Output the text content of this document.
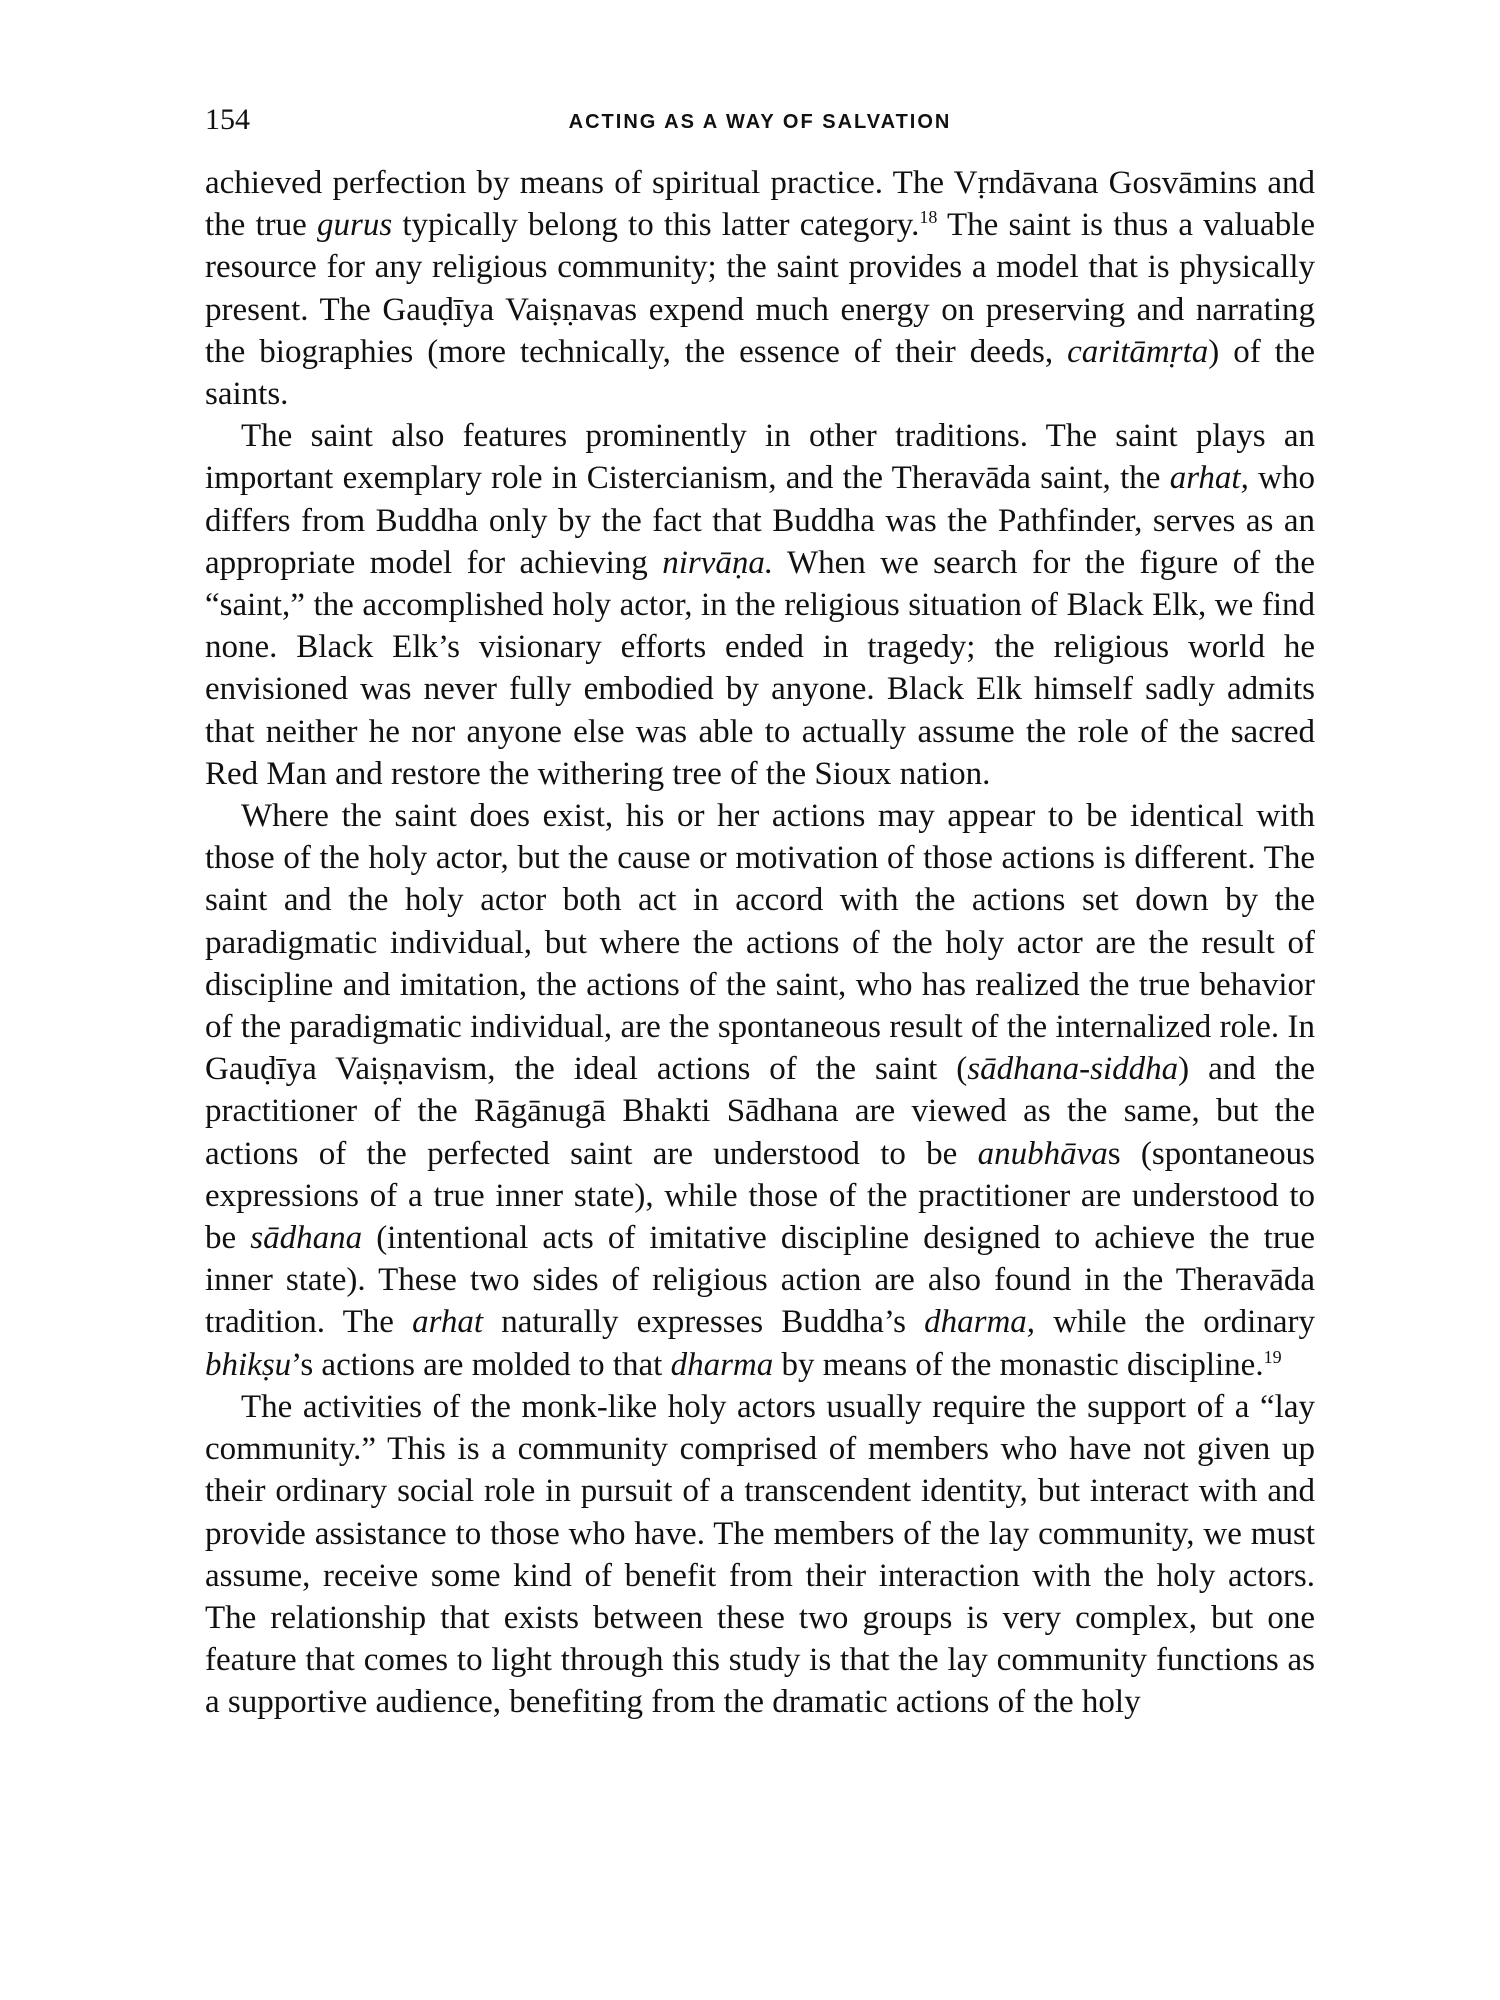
154	ACTING AS A WAY OF SALVATION

achieved perfection by means of spiritual practice. The Vṛndāvana Gosvāmins and the true gurus typically belong to this latter category.$^{18}$ The saint is thus a valuable resource for any religious community; the saint provides a model that is physically present. The Gauḍīya Vaiṣṇavas expend much energy on preserving and narrating the biographies (more technically, the essence of their deeds, caritāmṛta) of the saints.

The saint also features prominently in other traditions. The saint plays an important exemplary role in Cistercianism, and the Theravāda saint, the arhat, who differs from Buddha only by the fact that Buddha was the Pathfinder, serves as an appropriate model for achieving nirvāṇa. When we search for the figure of the “saint,” the accomplished holy actor, in the religious situation of Black Elk, we find none. Black Elk’s visionary efforts ended in tragedy; the religious world he envisioned was never fully embodied by anyone. Black Elk himself sadly admits that neither he nor anyone else was able to actually assume the role of the sacred Red Man and restore the withering tree of the Sioux nation.

Where the saint does exist, his or her actions may appear to be identical with those of the holy actor, but the cause or motivation of those actions is different. The saint and the holy actor both act in accord with the actions set down by the paradigmatic individual, but where the actions of the holy actor are the result of discipline and imitation, the actions of the saint, who has realized the true behavior of the paradigmatic individual, are the spontaneous result of the internalized role. In Gauḍīya Vaiṣṇavism, the ideal actions of the saint (sādhana-siddha) and the practitioner of the Rāgānugā Bhakti Sādhana are viewed as the same, but the actions of the perfected saint are understood to be anubhāvas (spontaneous expressions of a true inner state), while those of the practitioner are understood to be sādhana (intentional acts of imitative discipline designed to achieve the true inner state). These two sides of religious action are also found in the Theravāda tradition. The arhat naturally expresses Buddha’s dharma, while the ordinary bhikṣu’s actions are molded to that dharma by means of the monastic discipline.$^{19}$

The activities of the monk-like holy actors usually require the support of a “lay community.” This is a community comprised of members who have not given up their ordinary social role in pursuit of a transcendent identity, but interact with and provide assistance to those who have. The members of the lay community, we must assume, receive some kind of benefit from their interaction with the holy actors. The relationship that exists between these two groups is very complex, but one feature that comes to light through this study is that the lay community functions as a supportive audience, benefiting from the dramatic actions of the holy
